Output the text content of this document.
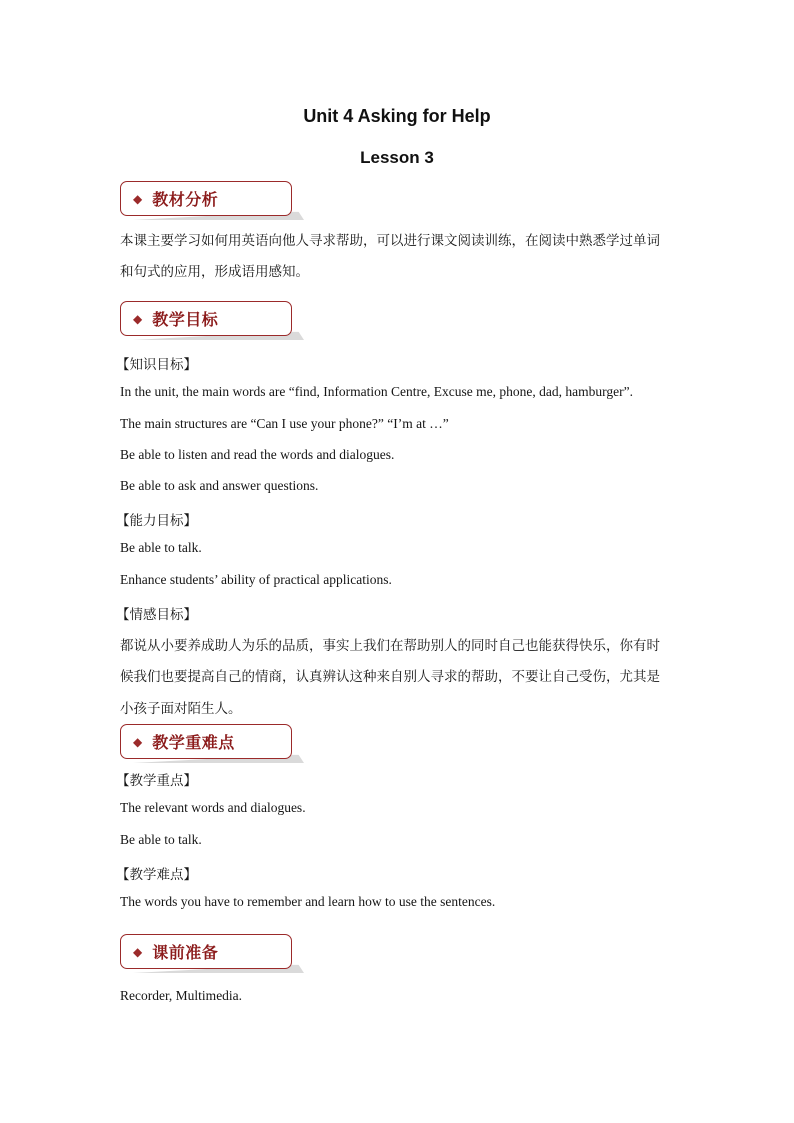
Unit 4 Asking for Help
Lesson 3
◆ 教材分析

本课主要学习如何用英语向他人寻求帮助，可以进行课文阅读训练，在阅读中熟悉学过单词

和句式的应用，形成语用感知。

◆ 教学目标

【知识目标】

In the unit, the main words are “find, Information Centre, Excuse me, phone, dad, hamburger”.

The main structures are “Can I use your phone?” “I’m at …”

Be able to listen and read the words and dialogues.

Be able to ask and answer questions.

【能力目标】

Be able to talk.

Enhance students’ ability of practical applications.

【情感目标】

都说从小要养成助人为乐的品质，事实上我们在帮助别人的同时自己也能获得快乐，你有时

候我们也要提高自己的情商，认真辨认这种来自别人寻求的帮助，不要让自己受伤，尤其是

小孩子面对陌生人。

◆ 教学重难点

【教学重点】

The relevant words and dialogues.

Be able to talk.

【教学难点】

The words you have to remember and learn how to use the sentences.

◆ 课前准备

Recorder, Multimedia.
